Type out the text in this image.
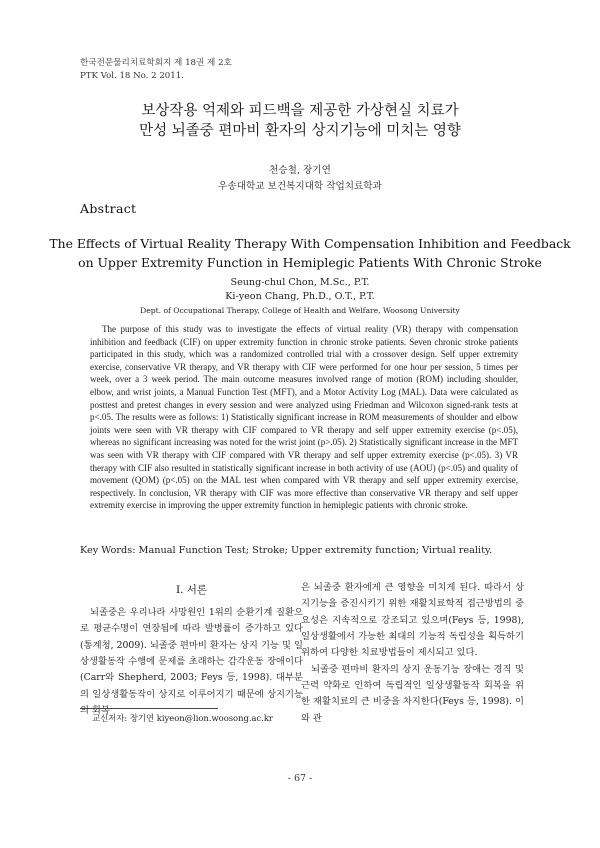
한국전문물리치료학회지 제 18권 제 2호
PTK Vol. 18 No. 2 2011.
보상작용 억제와 피드백을 제공한 가상현실 치료가
만성 뇌졸중 편마비 환자의 상지기능에 미치는 영향
천승철, 장기연
우송대학교 보건복지대학 작업치료학과
Abstract
The Effects of Virtual Reality Therapy With Compensation Inhibition and Feedback
on Upper Extremity Function in Hemiplegic Patients With Chronic Stroke
Seung-chul Chon, M.Sc., P.T.
Ki-yeon Chang, Ph.D., O.T., P.T.
Dept. of Occupational Therapy, College of Health and Welfare, Woosong University

The purpose of this study was to investigate the effects of virtual reality (VR) therapy with compensation inhibition and feedback (CIF) on upper extremity function in chronic stroke patients. Seven chronic stroke patients participated in this study, which was a randomized controlled trial with a crossover design. Self upper extremity exercise, conservative VR therapy, and VR therapy with CIF were performed for one hour per session, 5 times per week, over a 3 week period. The main outcome measures involved range of motion (ROM) including shoulder, elbow, and wrist joints, a Manual Function Test (MFT), and a Motor Activity Log (MAL). Data were calculated as posttest and pretest changes in every session and were analyzed using Friedman and Wilcoxon signed-rank tests at p<.05. The results were as follows: 1) Statistically significant increase in ROM measurements of shoulder and elbow joints were seen with VR therapy with CIF compared to VR therapy and self upper extremity exercise (p<.05), whereas no significant increasing was noted for the wrist joint (p>.05). 2) Statistically significant increase in the MFT was seen with VR therapy with CIF compared with VR therapy and self upper extremity exercise (p<.05). 3) VR therapy with CIF also resulted in statistically significant increase in both activity of use (AOU) (p<.05) and quality of movement (QOM) (p<.05) on the MAL test when compared with VR therapy and self upper extremity exercise, respectively. In conclusion, VR therapy with CIF was more effective than conservative VR therapy and self upper extremity exercise in improving the upper extremity function in hemiplegic patients with chronic stroke.

Key Words: Manual Function Test; Stroke; Upper extremity function; Virtual reality.
Ⅰ. 서론

뇌졸중은 우리나라 사망원인 1위의 순환기계 질환으로 평균수명이 연장됨에 따라 발병률이 증가하고 있다(통계청, 2009). 뇌졸중 편마비 환자는 상지 기능 및 일상생활동작 수행에 문제를 초래하는 감각운동 장애이다(Carr와 Shepherd, 2003; Feys 등, 1998). 대부분의 일상생활동작이 상지로 이루어지기 때문에 상지기능의 회복

은 뇌졸중 환자에게 큰 영향을 미치게 된다. 따라서 상지기능을 증진시키기 위한 재활치료학적 접근방법의 중요성은 지속적으로 강조되고 있으며(Feys 등, 1998), 일상생활에서 가능한 최대의 기능적 독립성을 획득하기 위하여 다양한 치료방법들이 제시되고 있다.

뇌졸중 편마비 환자의 상지 운동기능 장애는 경직 및 근력 약화로 인하여 독립적인 일상생활동작 회복을 위한 재활치료의 큰 비중을 차지한다(Feys 등, 1998). 이와 관

교신저자: 장기연 kiyeon@lion.woosong.ac.kr
- 67 -
